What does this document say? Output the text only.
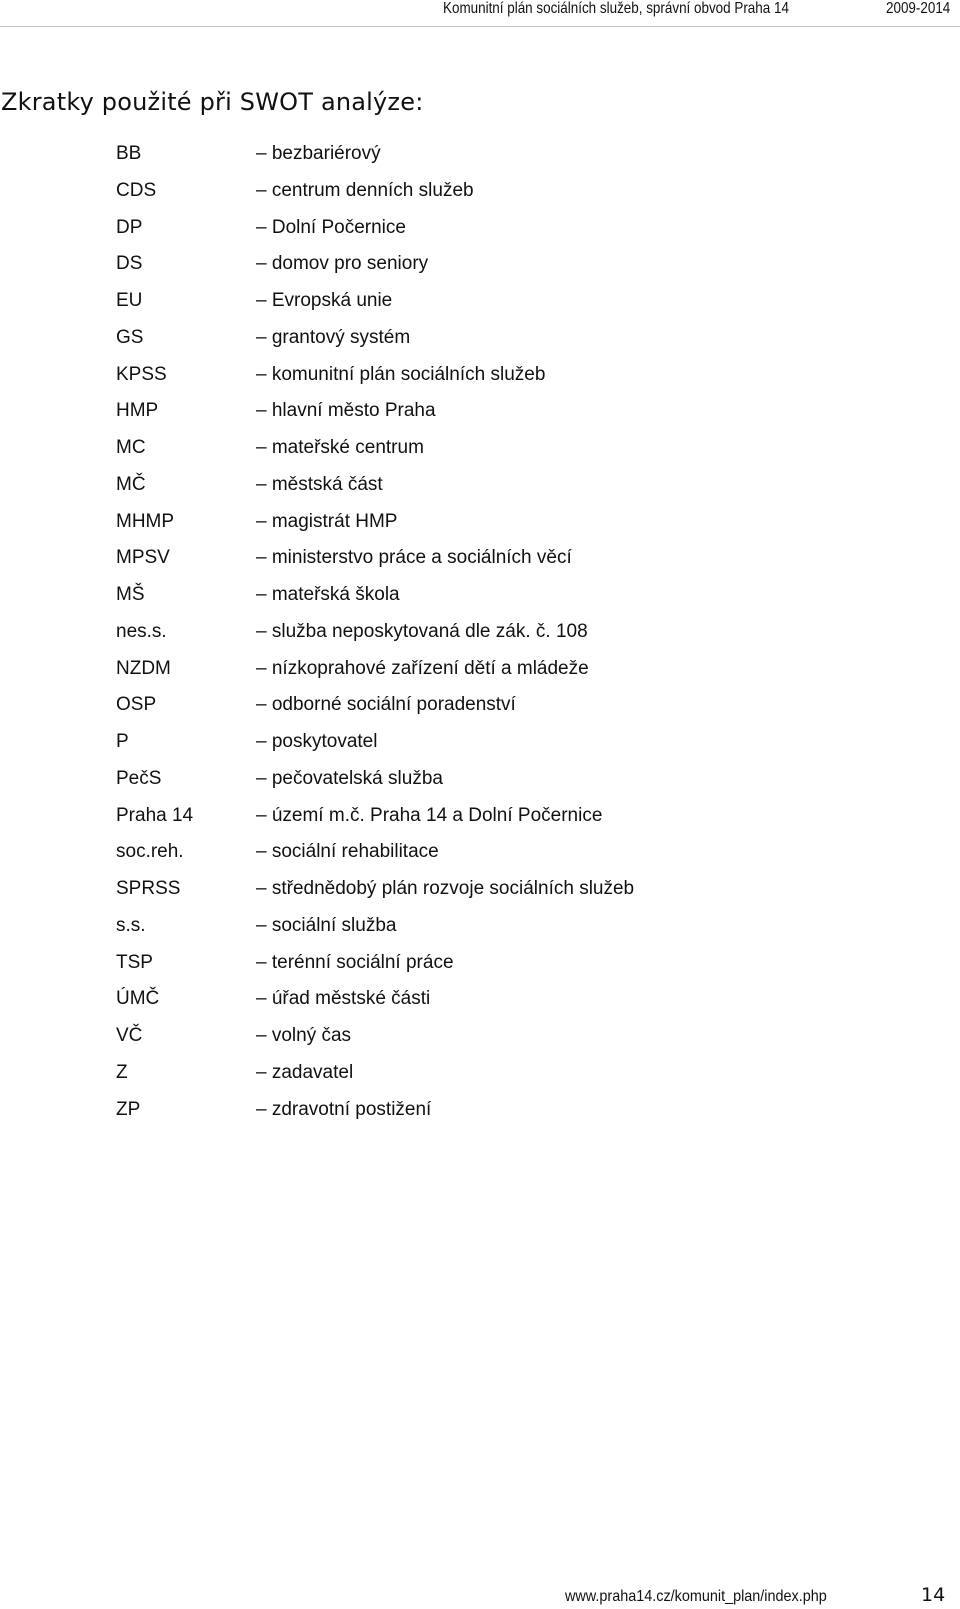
Komunitní plán sociálních služeb, správní obvod Praha 14	2009-2014
Zkratky použité při SWOT analýze:
BB	– bezbariérový
CDS	– centrum denních služeb
DP	– Dolní Počernice
DS	– domov pro seniory
EU	– Evropská unie
GS	– grantový systém
KPSS	– komunitní plán sociálních služeb
HMP	– hlavní město Praha
MC	– mateřské centrum
MČ	– městská část
MHMP	– magistrát HMP
MPSV	– ministerstvo práce a sociálních věcí
MŠ	– mateřská škola
nes.s.	– služba neposkytovaná dle zák. č. 108
NZDM	– nízkoprahové zařízení dětí a mládeže
OSP	– odborné sociální poradenství
P	– poskytovatel
PečS	– pečovatelská služba
Praha 14	– území m.č. Praha 14 a Dolní Počernice
soc.reh.	– sociální rehabilitace
SPRSS	– střednědobý plán rozvoje sociálních služeb
s.s.	– sociální služba
TSP	– terénní sociální práce
ÚMČ	– úřad městské části
VČ	– volný čas
Z	– zadavatel
ZP	– zdravotní postižení
www.praha14.cz/komunit_plan/index.php	14
